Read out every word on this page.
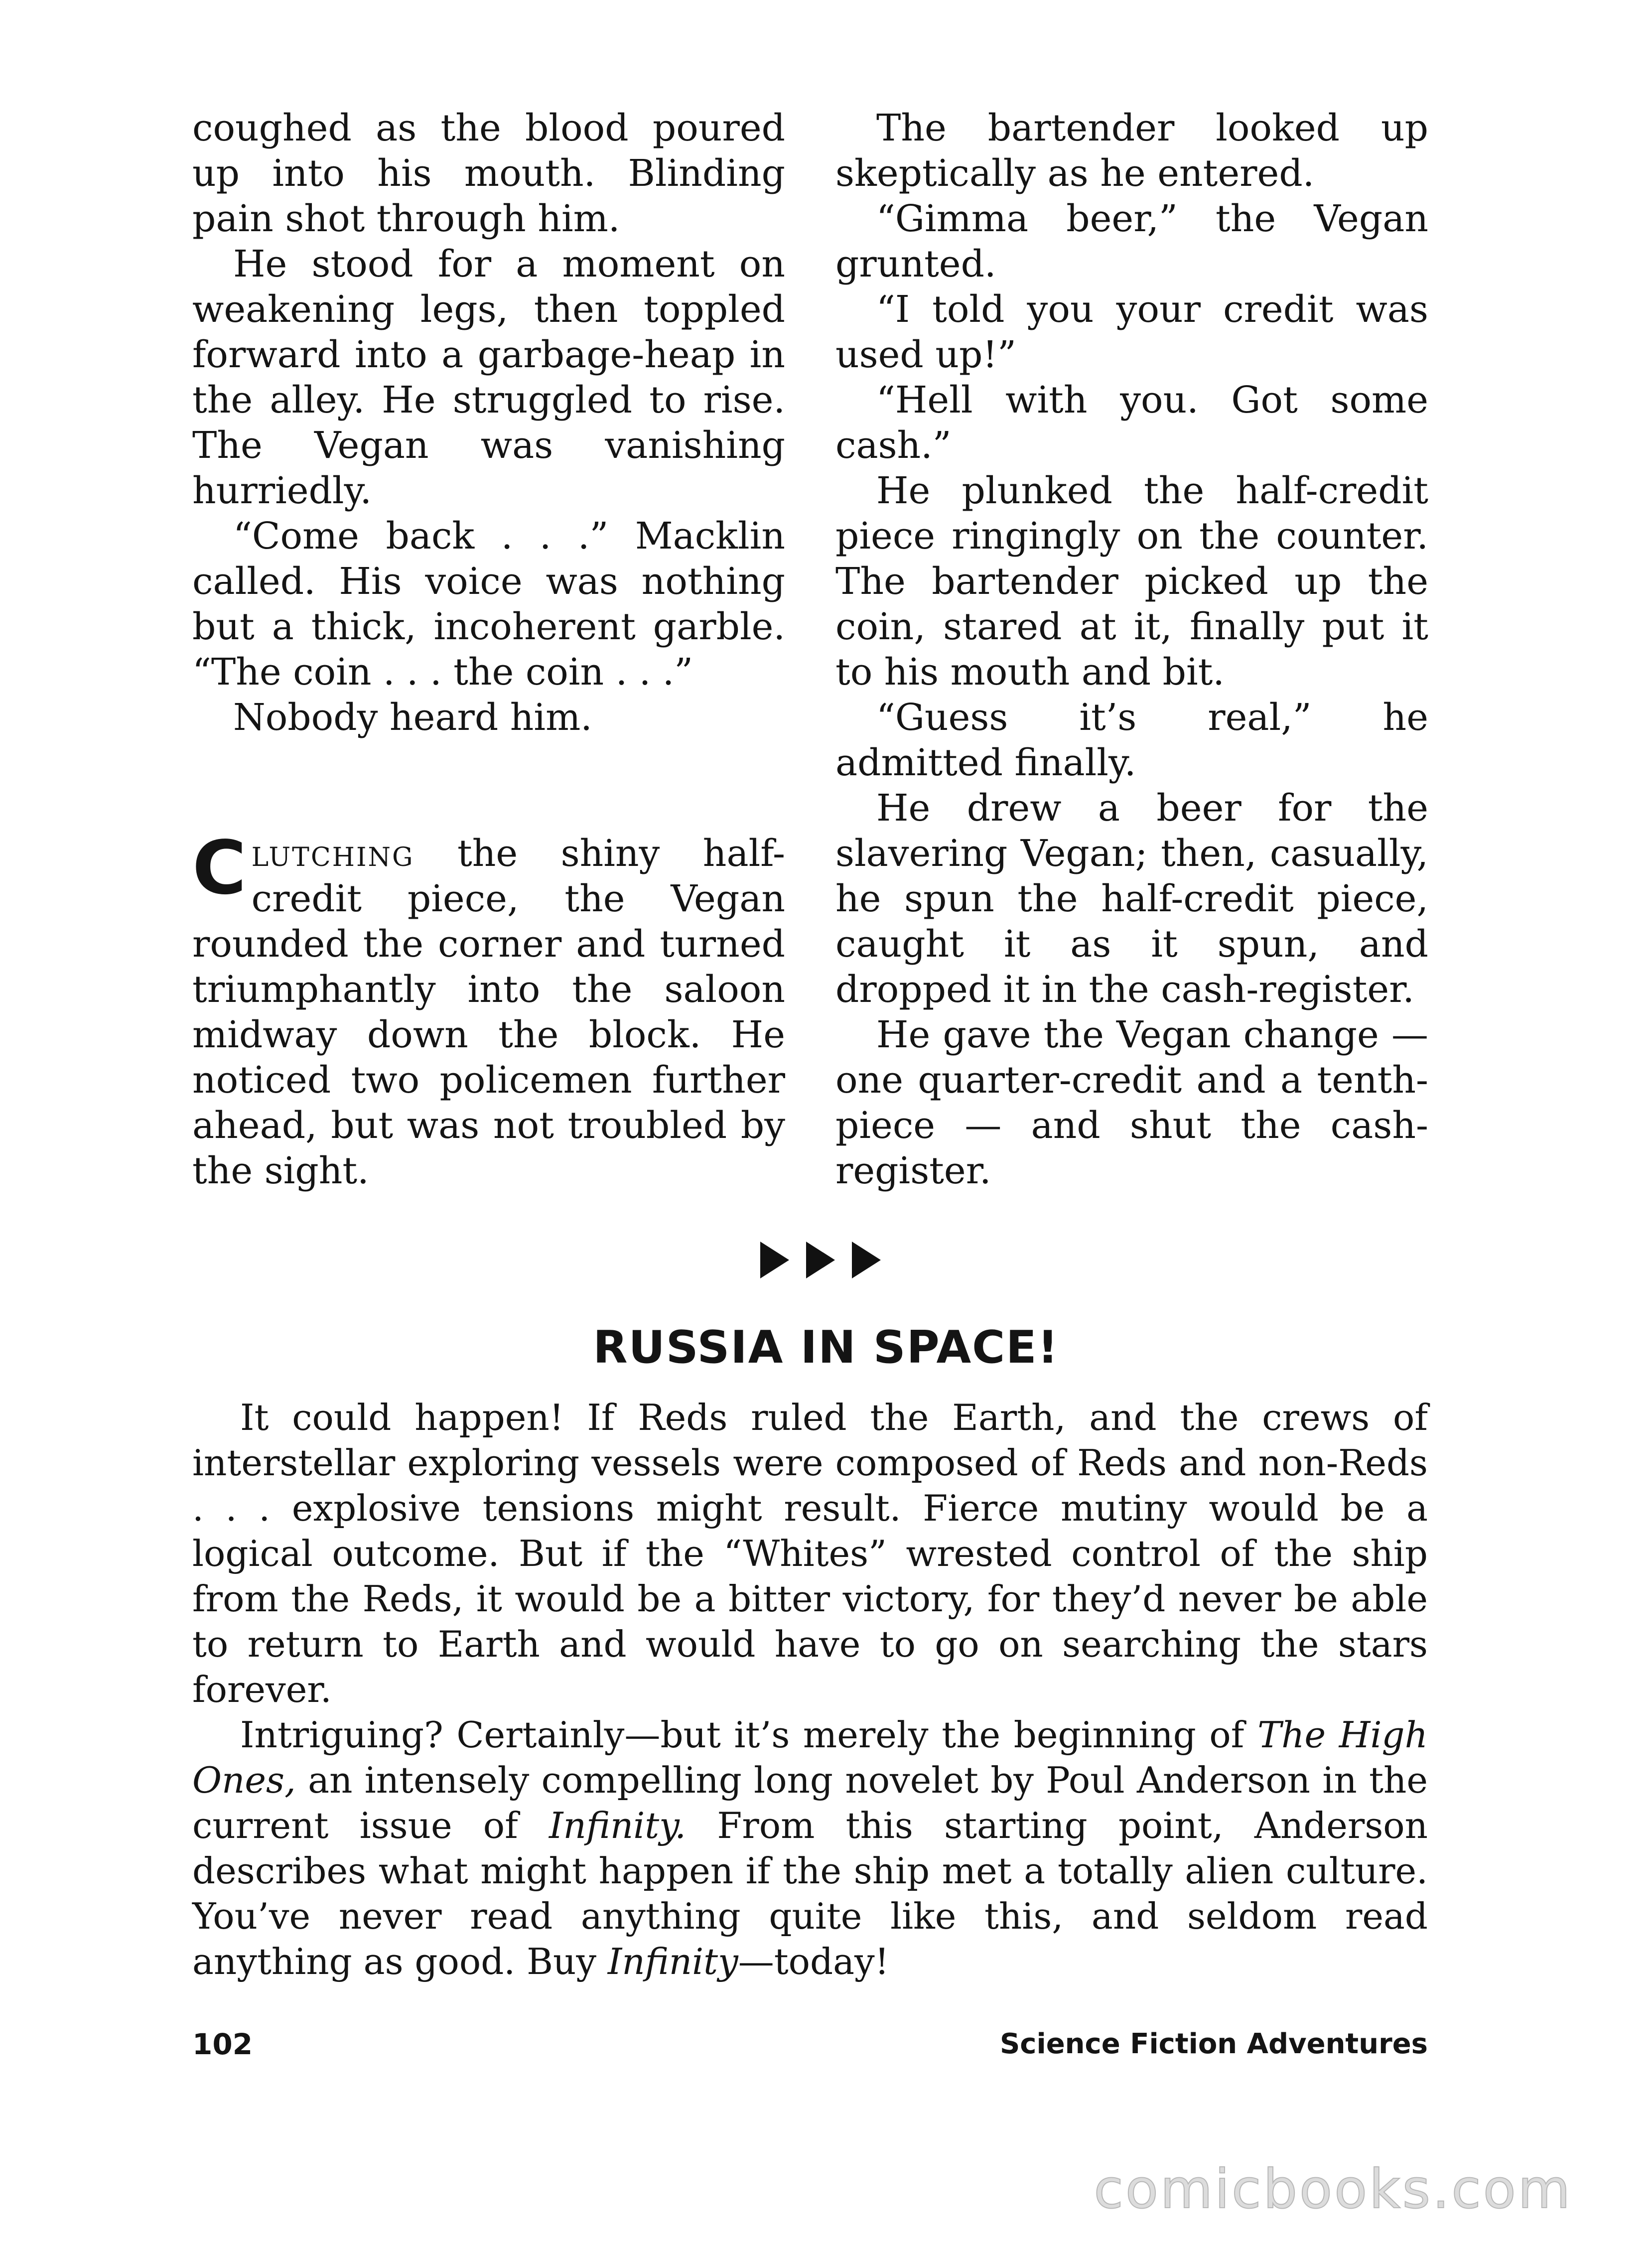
coughed as the blood poured up into his mouth. Blinding pain shot through him.

He stood for a moment on weakening legs, then toppled forward into a garbage-heap in the alley. He struggled to rise. The Vegan was vanishing hurriedly.

“Come back . . .” Macklin called. His voice was nothing but a thick, incoherent garble. “The coin . . . the coin . . .”

Nobody heard him.

Clutching the shiny half-credit piece, the Vegan rounded the corner and turned triumphantly into the saloon midway down the block. He noticed two policemen further ahead, but was not troubled by the sight.

The bartender looked up skeptically as he entered.

“Gimma beer,” the Vegan grunted.

“I told you your credit was used up!”

“Hell with you. Got some cash.”

He plunked the half-credit piece ringingly on the counter. The bartender picked up the coin, stared at it, finally put it to his mouth and bit.

“Guess it’s real,” he admitted finally.

He drew a beer for the slavering Vegan; then, casually, he spun the half-credit piece, caught it as it spun, and dropped it in the cash-register.

He gave the Vegan change —one quarter-credit and a tenth-piece — and shut the cash-register.

RUSSIA IN SPACE!

It could happen! If Reds ruled the Earth, and the crews of interstellar exploring vessels were composed of Reds and non-Reds . . . explosive tensions might result. Fierce mutiny would be a logical outcome. But if the “Whites” wrested control of the ship from the Reds, it would be a bitter victory, for they’d never be able to return to Earth and would have to go on searching the stars forever.

Intriguing? Certainly—but it’s merely the beginning of The High Ones, an intensely compelling long novelet by Poul Anderson in the current issue of Infinity. From this starting point, Anderson describes what might happen if the ship met a totally alien culture. You’ve never read anything quite like this, and seldom read anything as good. Buy Infinity—today!

102	Science Fiction Adventures
comicbooks.com
